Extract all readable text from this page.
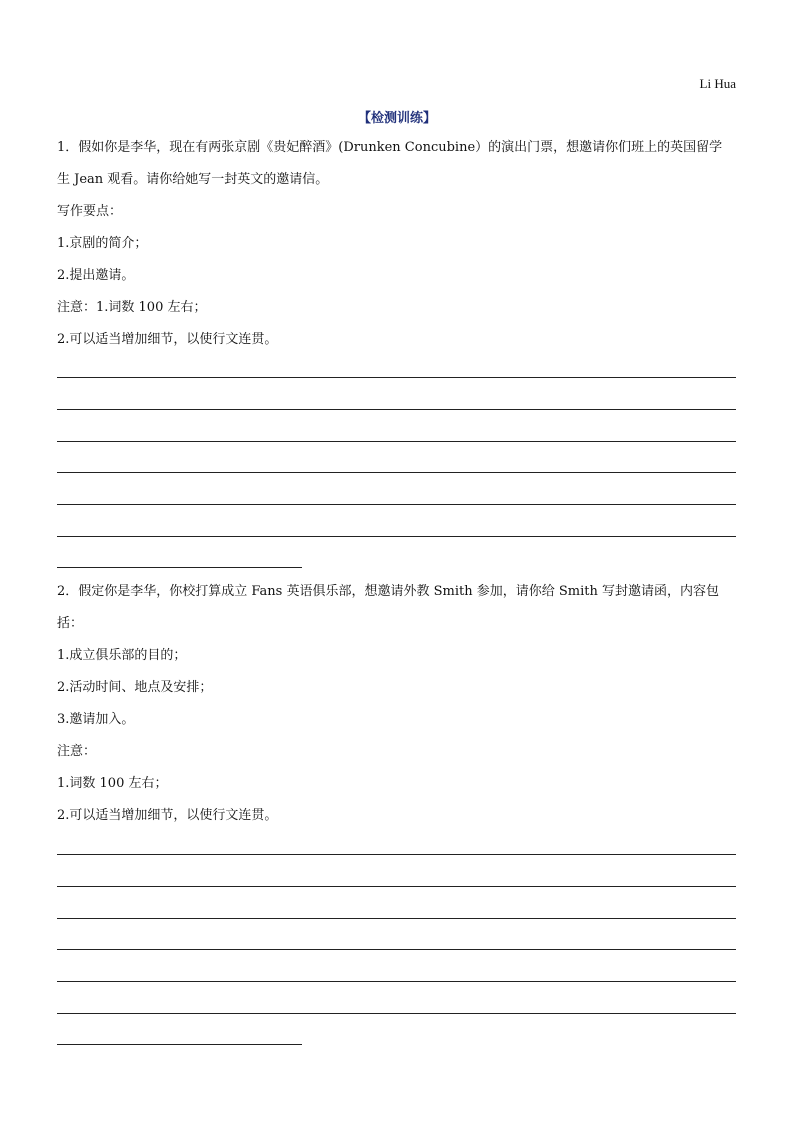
Li Hua
【检测训练】
1．假如你是李华，现在有两张京剧《贵妃醉酒》(Drunken Concubine）的演出门票，想邀请你们班上的英国留学
生 Jean 观看。请你给她写一封英文的邀请信。
写作要点：
1.京剧的简介；
2.提出邀请。
注意：1.词数 100 左右；
2.可以适当增加细节，以使行文连贯。
2．假定你是李华，你校打算成立 Fans 英语俱乐部，想邀请外教 Smith 参加，请你给 Smith 写封邀请函，内容包
括：
1.成立俱乐部的目的；
2.活动时间、地点及安排；
3.邀请加入。
注意：
1.词数 100 左右；
2.可以适当增加细节，以使行文连贯。
